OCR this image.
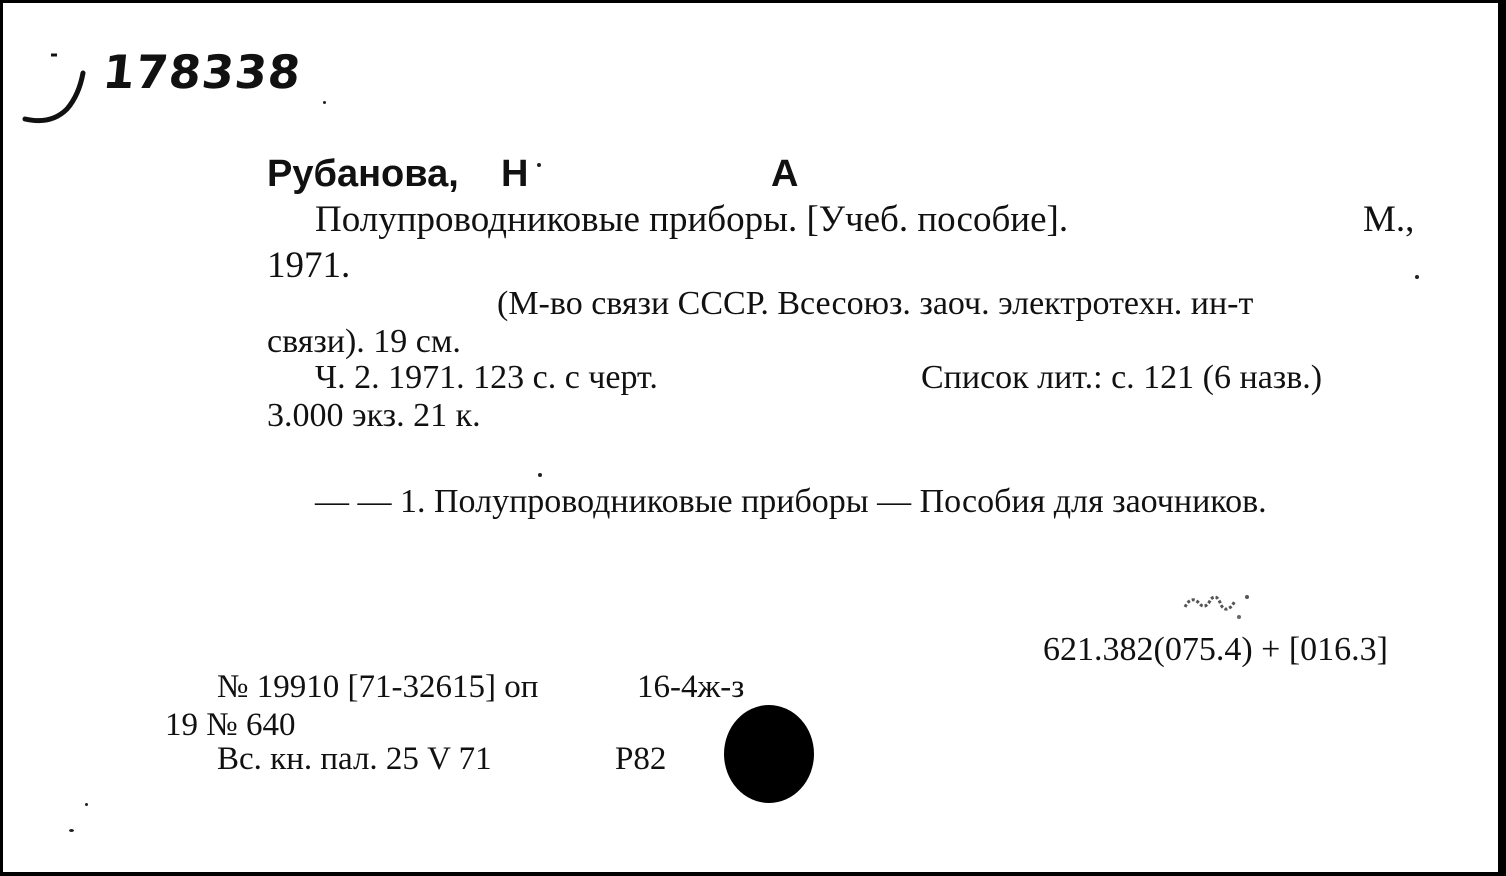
178338
Рубанова, Н	А
Полупроводниковые приборы. [Учеб. пособие].	М.,
1971.
(М-во связи СССР. Всесоюз. заоч. электротехн. ин-т
связи). 19 см.
Ч. 2. 1971. 123 с. с черт.	Список лит.: с. 121 (6 назв.)
3.000 экз. 21 к.
— — 1. Полупроводниковые приборы — Пособия для заочников.
621.382(075.4) + [016.3]
№ 19910 [71-32615] оп	16-4ж-з
19 № 640
Вс. кн. пал. 25 V 71	Р82
